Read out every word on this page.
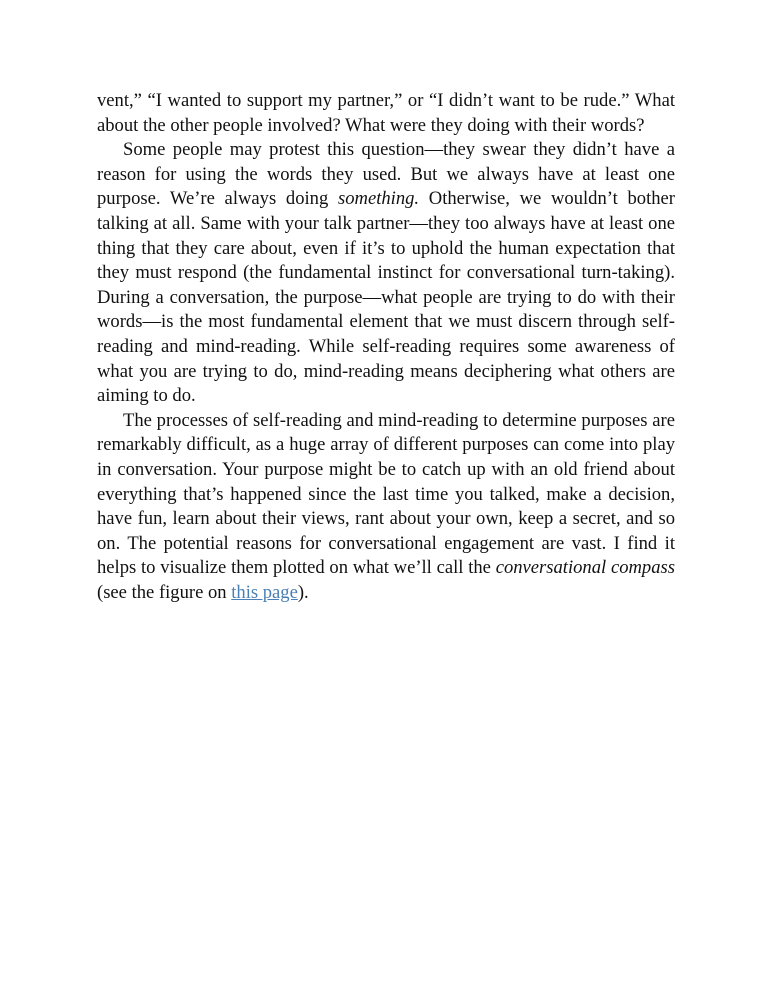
vent,” “I wanted to support my partner,” or “I didn’t want to be rude.” What about the other people involved? What were they doing with their words?

Some people may protest this question—they swear they didn’t have a reason for using the words they used. But we always have at least one purpose. We’re always doing something. Otherwise, we wouldn’t bother talking at all. Same with your talk partner—they too always have at least one thing that they care about, even if it’s to uphold the human expectation that they must respond (the fundamental instinct for conversational turn-taking). During a conversation, the purpose—what people are trying to do with their words—is the most fundamental element that we must discern through self-reading and mind-reading. While self-reading requires some awareness of what you are trying to do, mind-reading means deciphering what others are aiming to do.

The processes of self-reading and mind-reading to determine purposes are remarkably difficult, as a huge array of different purposes can come into play in conversation. Your purpose might be to catch up with an old friend about everything that’s happened since the last time you talked, make a decision, have fun, learn about their views, rant about your own, keep a secret, and so on. The potential reasons for conversational engagement are vast. I find it helps to visualize them plotted on what we’ll call the conversational compass (see the figure on this page).
